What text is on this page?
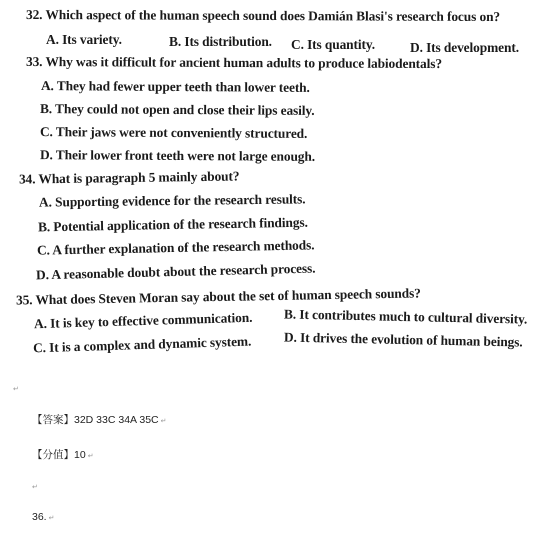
32. Which aspect of the human speech sound does Damián Blasi's research focus on?
A. Its variety.	B. Its distribution. C. Its quantity.	D. Its development.
33. Why was it difficult for ancient human adults to produce labiodentals?
A. They had fewer upper teeth than lower teeth.
B. They could not open and close their lips easily.
C. Their jaws were not conveniently structured.
D. Their lower front teeth were not large enough.
34. What is paragraph 5 mainly about?
A. Supporting evidence for the research results.
B. Potential application of the research findings.
C. A further explanation of the research methods.
D. A reasonable doubt about the research process.
35. What does Steven Moran say about the set of human speech sounds?
A. It is key to effective communication. B. It contributes much to cultural diversity.
C. It is a complex and dynamic system. D. It drives the evolution of human beings.
↵
【答案】32D 33C 34A 35C ↵
【分值】10 ↵
↵
36. ↵
